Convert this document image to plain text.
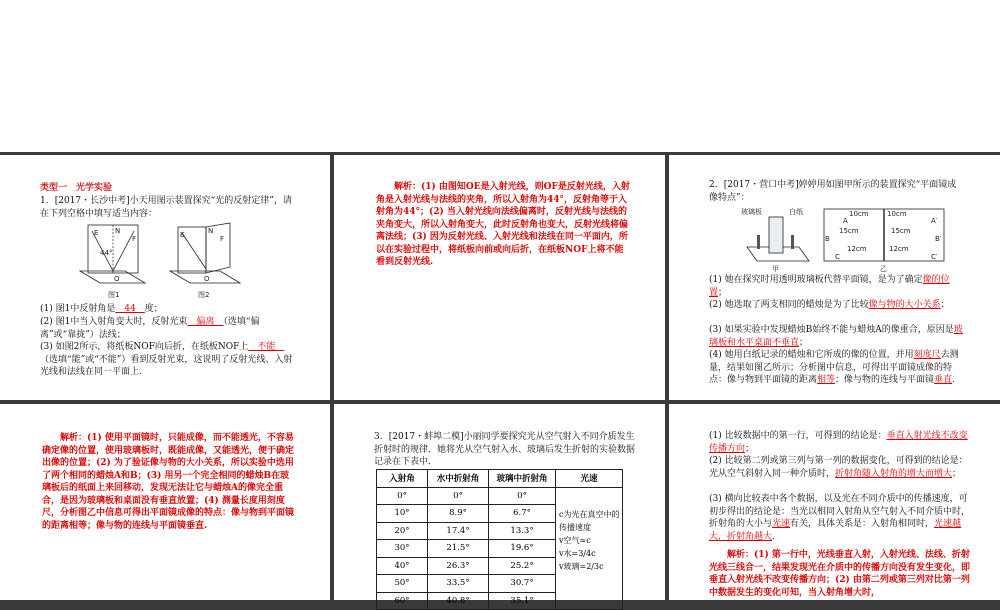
类型一　光学实验
1．[2017・长沙中考]小天用图示装置探究“光的反射定律”，请在下列空格中填写适当内容：
E N
F
O
44°
图1
E	N
F
O
图2
(1) 图1中反射角是　44　度；
(2) 图1中当入射角变大时，反射光束　偏离　（选填“偏离”或“靠拢”）法线；
(3) 如图2所示，将纸板NOF向后折，在纸板NOF上　不能　（选填“能”或“不能”）看到反射光束，这说明了反射光线、入射光线和法线在同一平面上.
　　解析：(1) 由图知OE是入射光线，则OF是反射光线，入射角是入射光线与法线的夹角，所以入射角为44°，反射角等于入射角为44°；(2) 当入射光线向法线偏离时，反射光线与法线的夹角变大，所以入射角变大，此时反射角也变大，反射光线将偏离法线；(3) 因为反射光线、入射光线和法线在同一平面内，所以在实验过程中，将纸板向前或向后折，在纸板NOF上将不能看到反射光线.
2．[2017・营口中考]婷婷用如图甲所示的装置探究“平面镜成像特点”：
玻璃板	白纸
甲
10cm	10cm
15cm	15cm
12cm	12cm
A	A′
B	B′
C	C′
乙
(1) 她在探究时用透明玻璃板代替平面镜，是为了确定像的位置；
(2) 她选取了两支相同的蜡烛是为了比较像与物的大小关系；
(3) 如果实验中发现蜡烛B始终不能与蜡烛A的像重合，原因是玻璃板和水平桌面不垂直；
(4) 她用白纸记录的蜡烛和它所成的像的位置，并用刻度尺去测量，结果如图乙所示；分析图中信息，可得出平面镜成像的特点：像与物到平面镜的距离相等；像与物的连线与平面镜垂直.
　　解析：(1) 使用平面镜时，只能成像，而不能透光，不容易确定像的位置，使用玻璃板时，既能成像，又能透光，便于确定出像的位置；(2) 为了验证像与物的大小关系，所以实验中选用了两个相同的蜡烛A和B；(3) 用另一个完全相同的蜡烛B在玻璃板后的纸面上来回移动，发现无法让它与蜡烛A的像完全重合，是因为玻璃板和桌面没有垂直放置；(4) 测量长度用刻度尺，分析图乙中信息可得出平面镜成像的特点：像与物到平面镜的距离相等；像与物的连线与平面镜垂直.
3．[2017・蚌埠二模]小丽同学要探究光从空气射入不同介质发生折射时的规律．她将光从空气射入水、玻璃后发生折射的实验数据记录在下表中．
入射角	水中折射角	玻璃中折射角	光速
0°	0°	0°	c为光在真空中的传播速度
v空气≈c
v水=3/4c
v玻璃=2/3c

10°	8.9°	6.7°	
20°	17.4°	13.3°	
30°	21.5°	19.6°	
40°	26.3°	25.2°	
50°	33.5°	30.7°	
60°	40.8°	35.1°	
(1) 比较数据中的第一行，可得到的结论是：垂直入射光线不改变传播方向；
(2) 比较第二列或第三列与第一列的数据变化，可得到的结论是：光从空气斜射入同一种介质时，折射角随入射角的增大而增大；
(3) 横向比较表中各个数据，以及光在不同介质中的传播速度，可初步得出的结论是：当光以相同入射角从空气射入不同介质中时，折射角的大小与光速有关，具体关系是：入射角相同时，光速越大，折射角越大．
　　解析：(1) 第一行中，光线垂直入射，入射光线、法线、折射光线三线合一，结果发现光在介质中的传播方向没有发生变化，即垂直入射光线不改变传播方向；(2) 由第二列或第三列对比第一列中数据发生的变化可知，当入射角增大时，
